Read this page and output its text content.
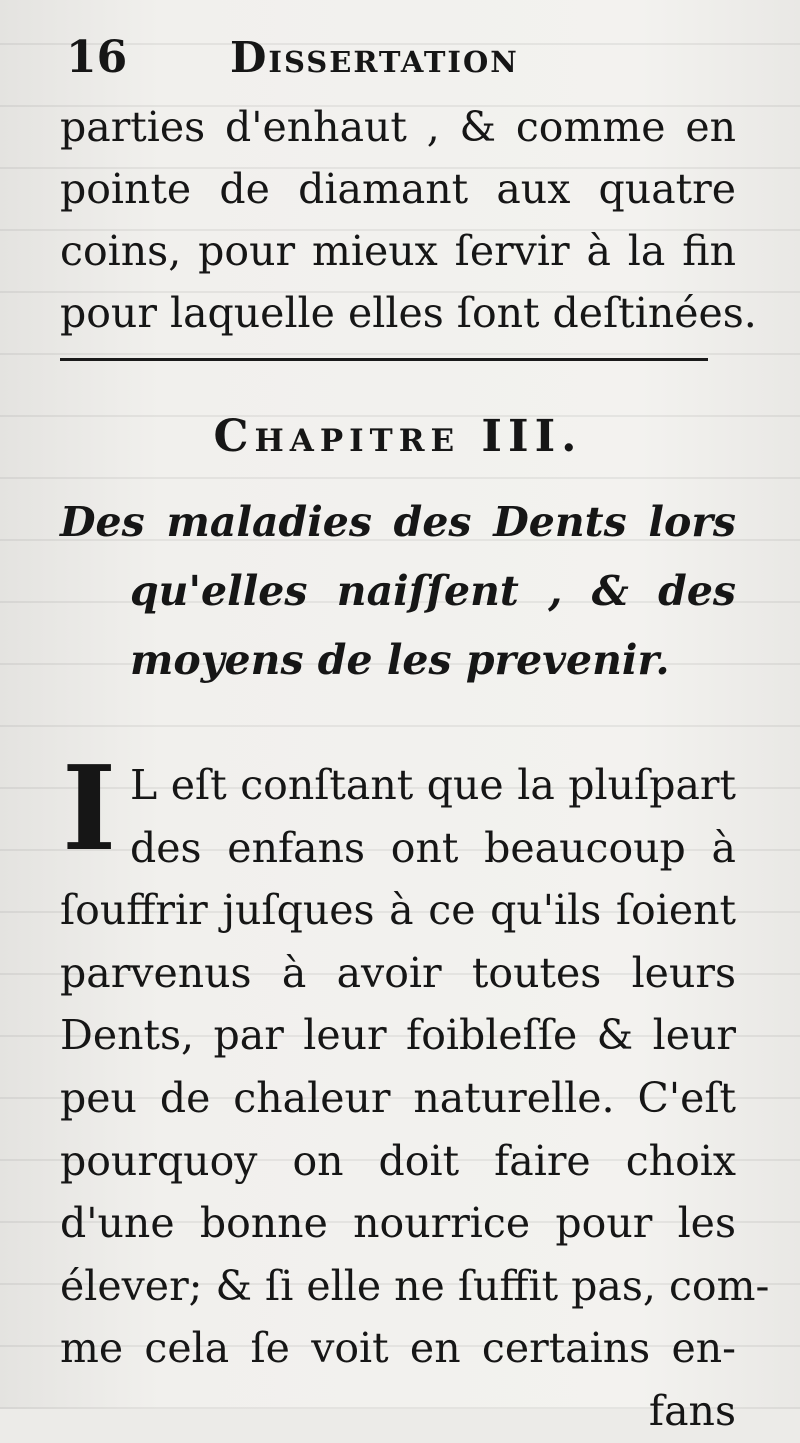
16 Dissertation
parties d'enhaut , & comme en
pointe de diamant aux quatre
coins, pour mieux ſervir à la fin
pour laquelle elles ſont deſtinées.
Chapitre III.
Des maladies des Dents lors
qu'elles naiſſent , & des
moyens de les prevenir.
I L eſt conſtant que la pluſpart
des enfans ont beaucoup à
ſouffrir juſques à ce qu'ils ſoient
parvenus à avoir toutes leurs
Dents, par leur foibleſſe & leur
peu de chaleur naturelle. C'eſt
pourquoy on doit faire choix
d'une bonne nourrice pour les
élever; & ſi elle ne ſuffit pas, com-
me cela ſe voit en certains en-
fans
